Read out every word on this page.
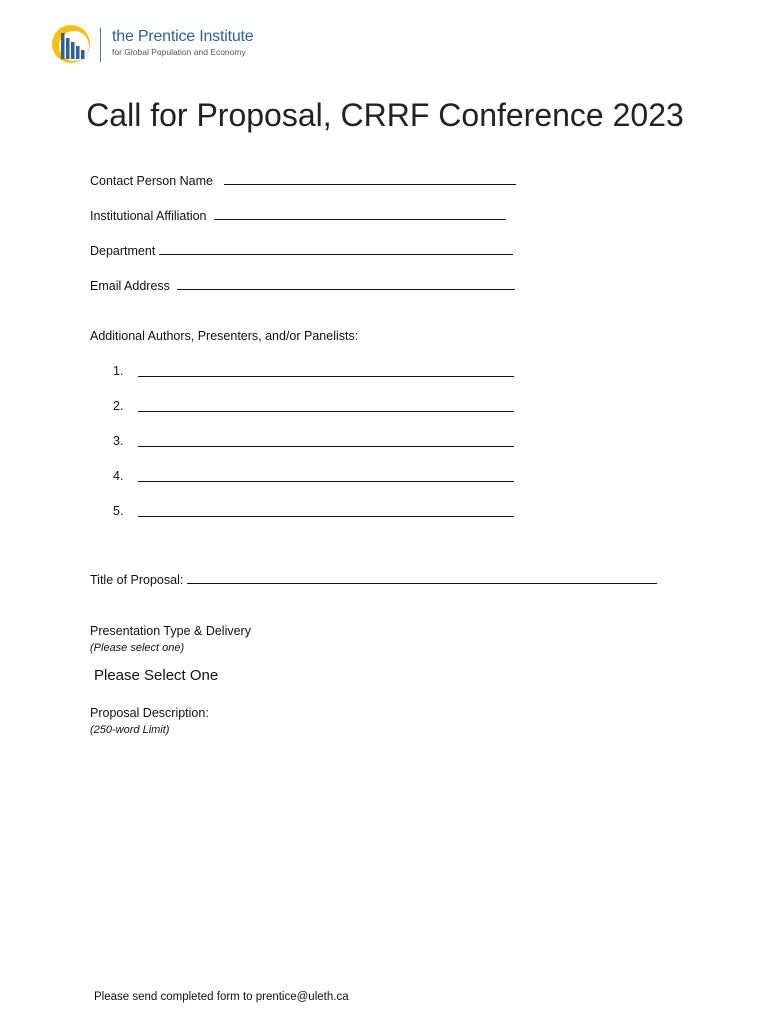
the Prentice Institute
for Global Population and Economy
Call for Proposal, CRRF Conference 2023
Contact Person Name
Institutional Affiliation
Department
Email Address
Additional Authors, Presenters, and/or Panelists:
1.
2.
3.
4.
5.
Title of Proposal:
Presentation Type & Delivery
(Please select one)
Please Select One
Proposal Description:
(250-word Limit)
Please send completed form to prentice@uleth.ca
